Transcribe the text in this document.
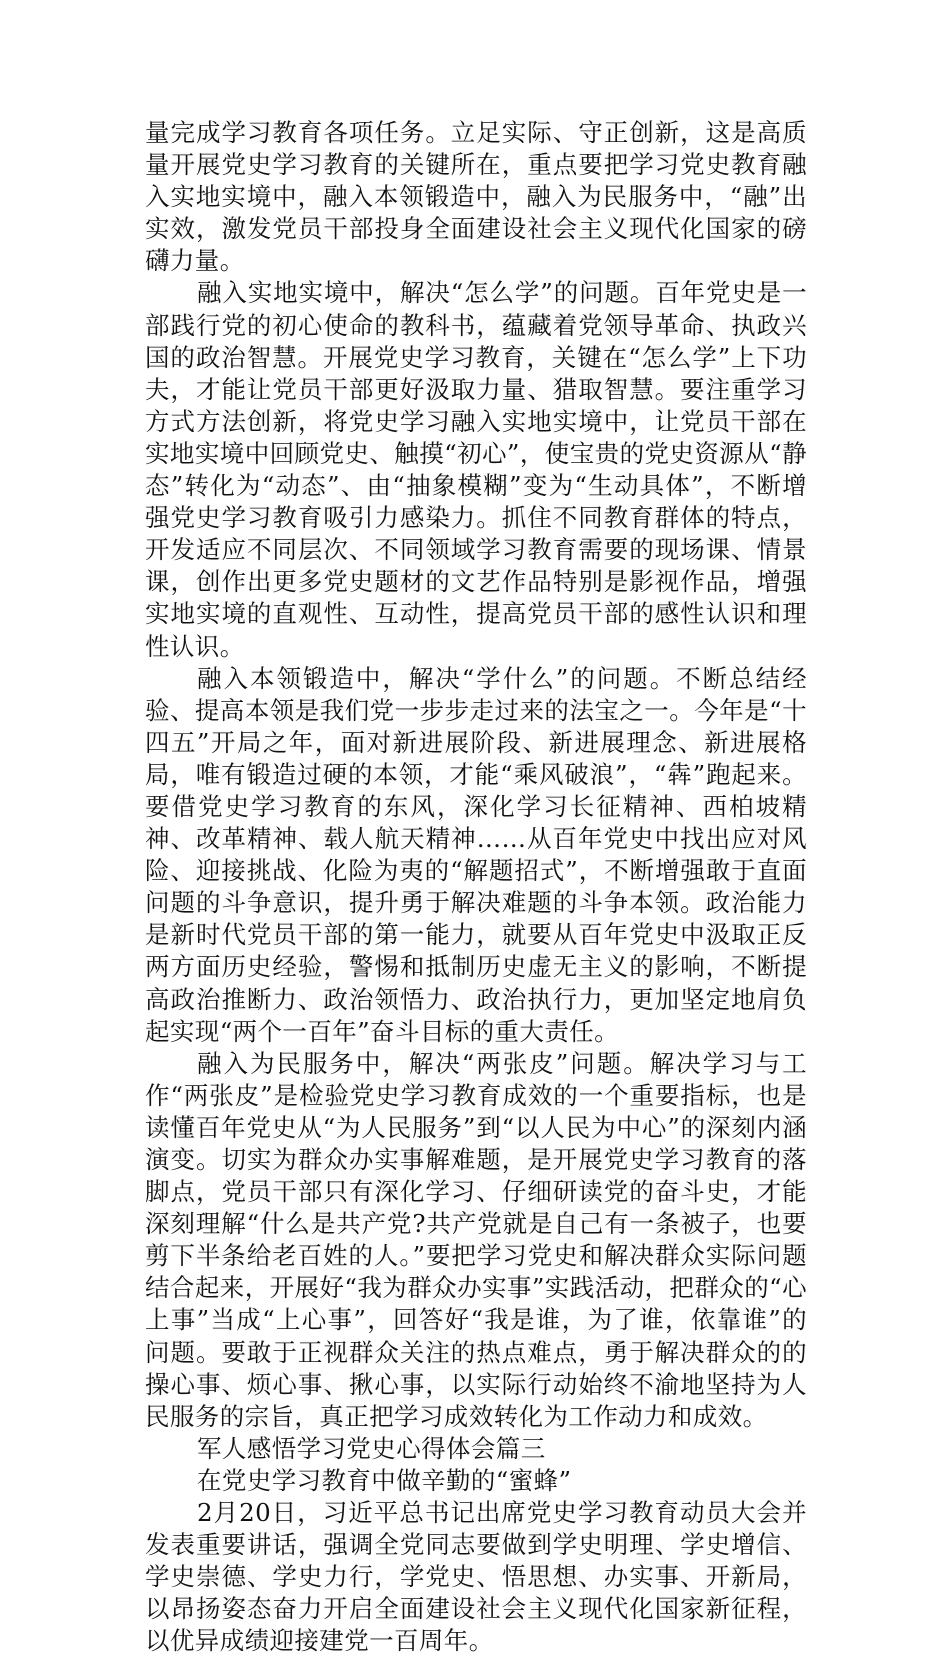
量完成学习教育各项任务。立足实际、守正创新，这是高质量开展党史学习教育的关键所在，重点要把学习党史教育融入实地实境中，融入本领锻造中，融入为民服务中，“融”出实效，激发党员干部投身全面建设社会主义现代化国家的磅礴力量。

融入实地实境中，解决“怎么学”的问题。百年党史是一部践行党的初心使命的教科书，蕴藏着党领导革命、执政兴国的政治智慧。开展党史学习教育，关键在“怎么学”上下功夫，才能让党员干部更好汲取力量、猎取智慧。要注重学习方式方法创新，将党史学习融入实地实境中，让党员干部在实地实境中回顾党史、触摸“初心”，使宝贵的党史资源从“静态”转化为“动态”、由“抽象模糊”变为“生动具体”，不断增强党史学习教育吸引力感染力。抓住不同教育群体的特点，开发适应不同层次、不同领域学习教育需要的现场课、情景课，创作出更多党史题材的文艺作品特别是影视作品，增强实地实境的直观性、互动性，提高党员干部的感性认识和理性认识。

融入本领锻造中，解决“学什么”的问题。不断总结经验、提高本领是我们党一步步走过来的法宝之一。今年是“十四五”开局之年，面对新进展阶段、新进展理念、新进展格局，唯有锻造过硬的本领，才能“乘风破浪”，“犇”跑起来。要借党史学习教育的东风，深化学习长征精神、西柏坡精神、改革精神、载人航天精神……从百年党史中找出应对风险、迎接挑战、化险为夷的“解题招式”，不断增强敢于直面问题的斗争意识，提升勇于解决难题的斗争本领。政治能力是新时代党员干部的第一能力，就要从百年党史中汲取正反两方面历史经验，警惕和抵制历史虚无主义的影响，不断提高政治推断力、政治领悟力、政治执行力，更加坚定地肩负起实现“两个一百年”奋斗目标的重大责任。

融入为民服务中，解决“两张皮”问题。解决学习与工作“两张皮”是检验党史学习教育成效的一个重要指标，也是读懂百年党史从“为人民服务”到“以人民为中心”的深刻内涵演变。切实为群众办实事解难题，是开展党史学习教育的落脚点，党员干部只有深化学习、仔细研读党的奋斗史，才能深刻理解“什么是共产党?共产党就是自己有一条被子，也要剪下半条给老百姓的人。”要把学习党史和解决群众实际问题结合起来，开展好“我为群众办实事”实践活动，把群众的“心上事”当成“上心事”，回答好“我是谁，为了谁，依靠谁”的问题。要敢于正视群众关注的热点难点，勇于解决群众的的操心事、烦心事、揪心事，以实际行动始终不渝地坚持为人民服务的宗旨，真正把学习成效转化为工作动力和成效。

军人感悟学习党史心得体会篇三

在党史学习教育中做辛勤的“蜜蜂”

2月20日，习近平总书记出席党史学习教育动员大会并发表重要讲话，强调全党同志要做到学史明理、学史增信、学史崇德、学史力行，学党史、悟思想、办实事、开新局，以昂扬姿态奋力开启全面建设社会主义现代化国家新征程，以优异成绩迎接建党一百周年。
